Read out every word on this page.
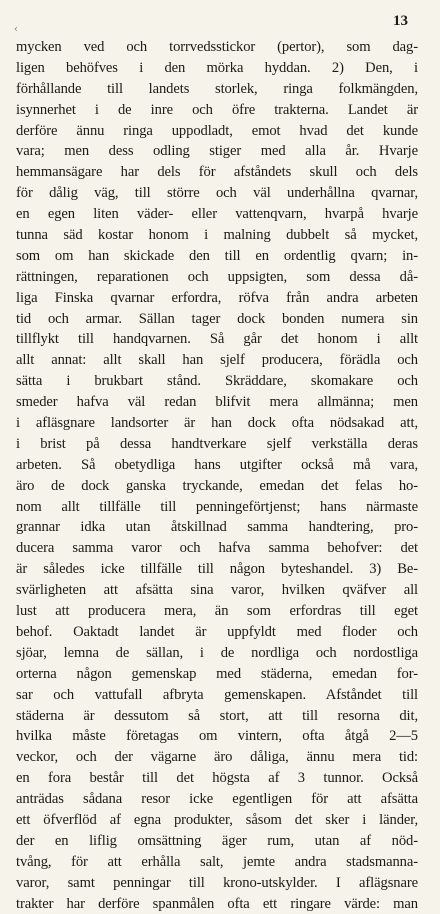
‹
13
mycken ved och torrvedsstickor (pertor), som dag-
ligen behöfves i den mörka hyddan. 2) Den, i
förhållande till landets storlek, ringa folkmängden,
isynnerhet i de inre och öfre trakterna. Landet är
derföre ännu ringa uppodladt, emot hvad det kunde
vara; men dess odling stiger med alla år. Hvarje
hemmansägare har dels för afståndets skull och dels
för dålig väg, till större och väl underhållna qvarnar,
en egen liten väder- eller vattenqvarn, hvarpå hvarje
tunna säd kostar honom i malning dubbelt så mycket,
som om han skickade den till en ordentlig qvarn; in-
rättningen, reparationen och uppsigten, som dessa då-
liga Finska qvarnar erfordra, röfva från andra arbeten
tid och armar. Sällan tager dock bonden numera sin
tillflykt till handqvarnen. Så går det honom i allt
allt annat: allt skall han sjelf producera, förädla och
sätta i brukbart stånd. Skräddare, skomakare och
smeder hafva väl redan blifvit mera allmänna; men
i afläsgnare landsorter är han dock ofta nödsakad att,
i brist på dessa handtverkare sjelf verkställa deras
arbeten. Så obetydliga hans utgifter också må vara,
äro de dock ganska tryckande, emedan det felas ho-
nom allt tillfälle till penningeförtjenst; hans närmaste
grannar idka utan åtskillnad samma handtering, pro-
ducera samma varor och hafva samma behofver: det
är således icke tillfälle till någon byteshandel. 3) Be-
svärligheten att afsätta sina varor, hvilken qväfver all
lust att producera mera, än som erfordras till eget
behof. Oaktadt landet är uppfyldt med floder och
sjöar, lemna de sällan, i de nordliga och nordostliga
orterna någon gemenskap med städerna, emedan for-
sar och vattufall afbryta gemenskapen. Afståndet till
städerna är dessutom så stort, att till resorna dit,
hvilka måste företagas om vintern, ofta åtgå 2—5
veckor, och der vägarne äro dåliga, ännu mera tid:
en fora består till det högsta af 3 tunnor. Också
anträdas sådana resor icke egentligen för att afsätta
ett öfverflöd af egna produkter, såsom det sker i länder,
der en liflig omsättning äger rum, utan af nöd-
tvång, för att erhålla salt, jemte andra stadsmanna-
varor, samt penningar till krono-utskylder. I aflägsnare
trakter har derföre spanmålen ofta ett ringare värde: man
